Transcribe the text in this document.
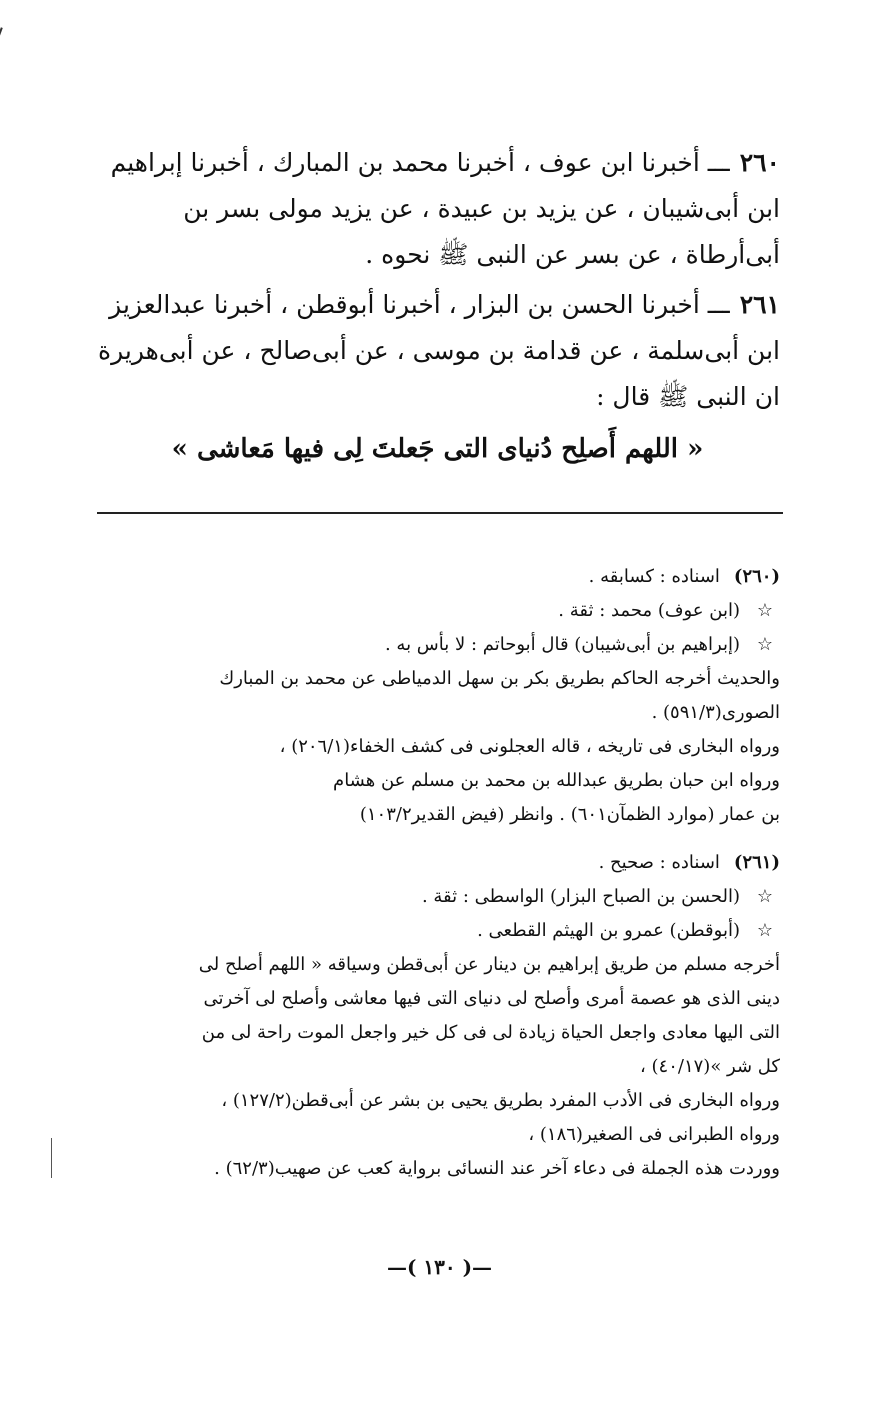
٢٦٠ـــ أخبرنا ابن عوف ، أخبرنا محمد بن المبارك ، أخبرنا إبراهيم
ابن أبى‌شيبان ، عن يزيد بن عبيدة ، عن يزيد مولى بسر بن
أبى‌أرطاة ، عن بسر عن النبى ﷺ نحوه .
٢٦١ـــ أخبرنا الحسن بن البزار ، أخبرنا أبوقطن ، أخبرنا عبدالعزيز
ابن أبى‌سلمة ، عن قدامة بن موسى ، عن أبى‌صالح ، عن أبى‌هريرة
ان النبى ﷺ قال :
« اللهم أَصلِح دُنياى التى جَعلتَ لِى فيها مَعاشى »
(٢٦٠)اسناده : كسابقه .
☆(ابن عوف) محمد : ثقة .
☆(إبراهيم بن أبى‌شيبان) قال أبوحاتم : لا بأس به .
والحديث أخرجه الحاكم بطريق بكر بن سهل الدمياطى عن محمد بن المبارك
الصورى(٥٩١/٣) .
ورواه البخارى فى تاريخه ، قاله العجلونى فى كشف الخفاء(٢٠٦/١) ،
ورواه ابن حبان بطريق عبدالله بن محمد بن مسلم عن هشام
بن عمار (موارد الظمآن٦٠١) . وانظر (فيض القدير١٠٣/٢)
(٢٦١)اسناده : صحيح .
☆(الحسن بن الصباح البزار) الواسطى : ثقة .
☆(أبوقطن) عمرو بن الهيثم القطعى .
أخرجه مسلم من طريق إبراهيم بن دينار عن أبى‌قطن وسياقه « اللهم أصلح لى
دينى الذى هو عصمة أمرى وأصلح لى دنياى التى فيها معاشى وأصلح لى آخرتى
التى اليها معادى واجعل الحياة زيادة لى فى كل خير واجعل الموت راحة لى من
كل شر »(٤٠/١٧) ،
ورواه البخارى فى الأدب المفرد بطريق يحيى بن بشر عن أبى‌قطن(١٢٧/٢) ،
ورواه الطبرانى فى الصغير(١٨٦) ،
ووردت هذه الجملة فى دعاء آخر عند النسائى برواية كعب عن صهيب(٦٢/٣) .
—( ١٣٠ )—
